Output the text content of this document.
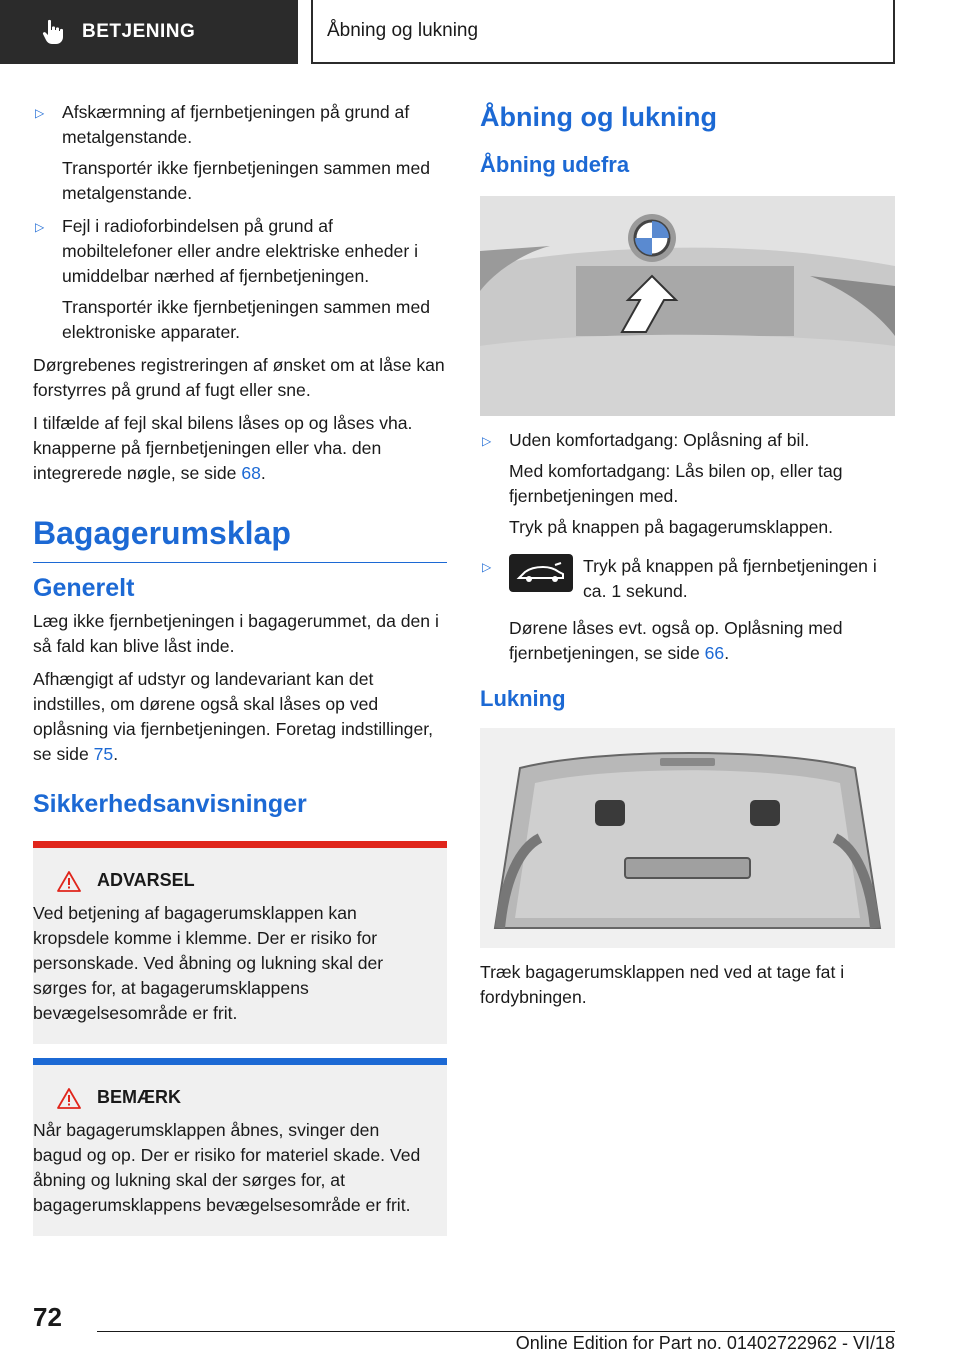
BETJENING	Åbning og lukning
▷ Afskærmning af fjernbetjeningen på grund af metalgenstande.

Transportér ikke fjernbetjeningen sammen med metalgenstande.

▷ Fejl i radioforbindelsen på grund af mobiltelefoner eller andre elektriske enheder i umiddelbar nærhed af fjernbetjeningen.

Transportér ikke fjernbetjeningen sammen med elektroniske apparater.

Dørgrebenes registreringen af ønsket om at låse kan forstyrres på grund af fugt eller sne.

I tilfælde af fejl skal bilens låses op og låses vha. knapperne på fjernbetjeningen eller vha. den integrerede nøgle, se side 68.

Bagagerumsklap
Generelt

Læg ikke fjernbetjeningen i bagagerummet, da den i så fald kan blive låst inde.

Afhængigt af udstyr og landevariant kan det indstilles, om dørene også skal låses op ved oplåsning via fjernbetjeningen. Foretag indstillinger, se side 75.

Sikkerhedsanvisninger
ADVARSEL

Ved betjening af bagagerumsklappen kan kropsdele komme i klemme. Der er risiko for personskade. Ved åbning og lukning skal der sørges for, at bagagerumsklappens bevægelsesområde er frit.

BEMÆRK

Når bagagerumsklappen åbnes, svinger den bagud og op. Der er risiko for materiel skade. Ved åbning og lukning skal der sørges for, at bagagerumsklappens bevægelsesområde er frit.

Åbning og lukning
Åbning udefra
▷ Uden komfortadgang: Oplåsning af bil.

Med komfortadgang: Lås bilen op, eller tag fjernbetjeningen med.

Tryk på knappen på bagagerumsklappen.

▷	Tryk på knappen på fjernbetjeningen i ca. 1 sekund.

Dørene låses evt. også op. Oplåsning med fjernbetjeningen, se side 66.

Lukning

Træk bagagerumsklappen ned ved at tage fat i fordybningen.

72
Online Edition for Part no. 01402722962 - VI/18
